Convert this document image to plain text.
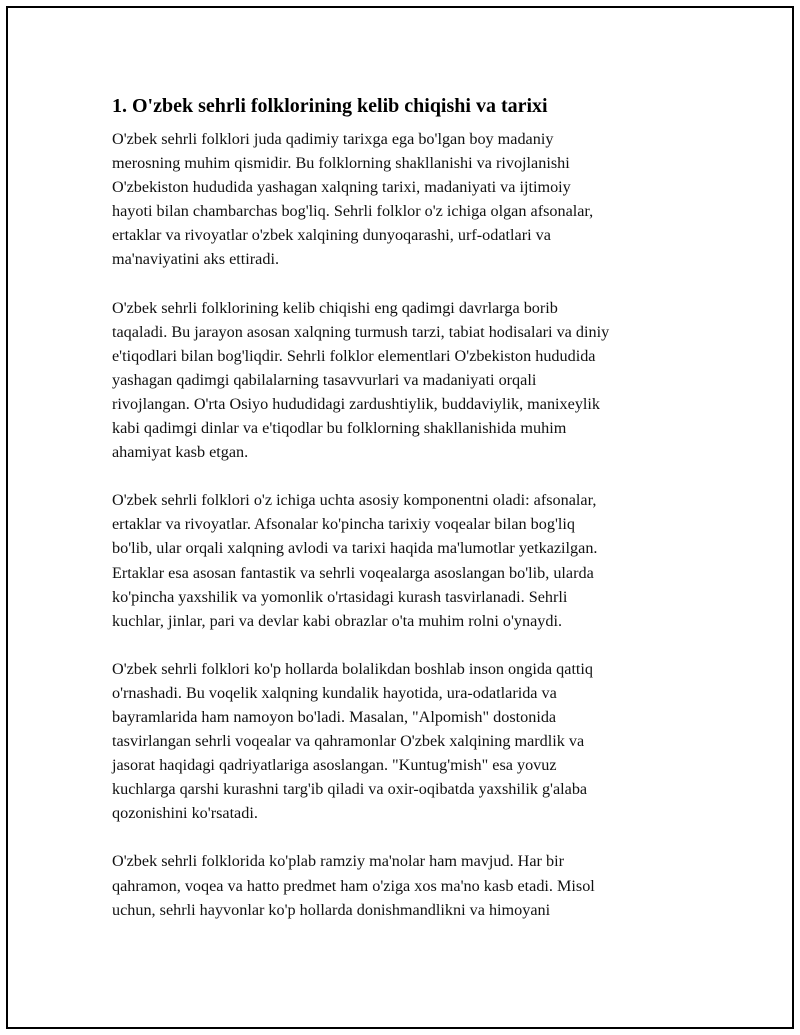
1. O'zbek sehrli folklorining kelib chiqishi va tarixi
O'zbek sehrli folklori juda qadimiy tarixga ega bo'lgan boy madaniy
merosning muhim qismidir. Bu folklorning shakllanishi va rivojlanishi
O'zbekiston hududida yashagan xalqning tarixi, madaniyati va ijtimoiy
hayoti bilan chambarchas bog'liq. Sehrli folklor o'z ichiga olgan afsonalar,
ertaklar va rivoyatlar o'zbek xalqining dunyoqarashi, urf-odatlari va
ma'naviyatini aks ettiradi.
O'zbek sehrli folklorining kelib chiqishi eng qadimgi davrlarga borib
taqaladi. Bu jarayon asosan xalqning turmush tarzi, tabiat hodisalari va diniy
e'tiqodlari bilan bog'liqdir. Sehrli folklor elementlari O'zbekiston hududida
yashagan qadimgi qabilalarning tasavvurlari va madaniyati orqali
rivojlangan. O'rta Osiyo hududidagi zardushtiylik, buddaviylik, manixeylik
kabi qadimgi dinlar va e'tiqodlar bu folklorning shakllanishida muhim
ahamiyat kasb etgan.
O'zbek sehrli folklori o'z ichiga uchta asosiy komponentni oladi: afsonalar,
ertaklar va rivoyatlar. Afsonalar ko'pincha tarixiy voqealar bilan bog'liq
bo'lib, ular orqali xalqning avlodi va tarixi haqida ma'lumotlar yetkazilgan.
Ertaklar esa asosan fantastik va sehrli voqealarga asoslangan bo'lib, ularda
ko'pincha yaxshilik va yomonlik o'rtasidagi kurash tasvirlanadi. Sehrli
kuchlar, jinlar, pari va devlar kabi obrazlar o'ta muhim rolni o'ynaydi.
O'zbek sehrli folklori ko'p hollarda bolalikdan boshlab inson ongida qattiq
o'rnashadi. Bu voqelik xalqning kundalik hayotida, ura-odatlarida va
bayramlarida ham namoyon bo'ladi. Masalan, "Alpomish" dostonida
tasvirlangan sehrli voqealar va qahramonlar O'zbek xalqining mardlik va
jasorat haqidagi qadriyatlariga asoslangan. "Kuntug'mish" esa yovuz
kuchlarga qarshi kurashni targ'ib qiladi va oxir-oqibatda yaxshilik g'alaba
qozonishini ko'rsatadi.
O'zbek sehrli folklorida ko'plab ramziy ma'nolar ham mavjud. Har bir
qahramon, voqea va hatto predmet ham o'ziga xos ma'no kasb etadi. Misol
uchun, sehrli hayvonlar ko'p hollarda donishmandlikni va himoyani
